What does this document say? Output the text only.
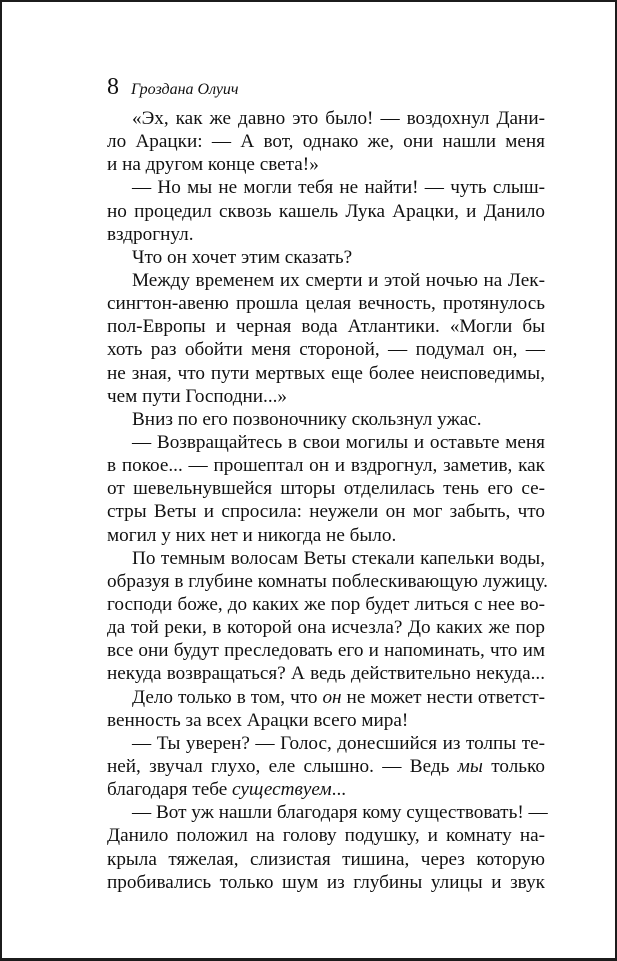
8 Гроздана Олуич
«Эх, как же давно это было! — воздохнул Дани-
ло Арацки: — А вот, однако же, они нашли меня
и на другом конце света!»
— Но мы не могли тебя не найти! — чуть слыш-
но процедил сквозь кашель Лука Арацки, и Данило
вздрогнул.
Что он хочет этим сказать?
Между временем их смерти и этой ночью на Лек-
сингтон-авеню прошла целая вечность, протянулось
пол-Европы и черная вода Атлантики. «Могли бы
хоть раз обойти меня стороной, — подумал он, —
не зная, что пути мертвых еще более неисповедимы,
чем пути Господни...»
Вниз по его позвоночнику скользнул ужас.
— Возвращайтесь в свои могилы и оставьте меня
в покое... — прошептал он и вздрогнул, заметив, как
от шевельнувшейся шторы отделилась тень его се-
стры Веты и спросила: неужели он мог забыть, что
могил у них нет и никогда не было.
По темным волосам Веты стекали капельки воды,
образуя в глубине комнаты поблескивающую лужицу.
господи боже, до каких же пор будет литься с нее во-
да той реки, в которой она исчезла? До каких же пор
все они будут преследовать его и напоминать, что им
некуда возвращаться? А ведь действительно некуда...
Дело только в том, что он не может нести ответст-
венность за всех Арацки всего мира!
— Ты уверен? — Голос, донесшийся из толпы те-
ней, звучал глухо, еле слышно. — Ведь мы только
благодаря тебе существуем...
— Вот уж нашли благодаря кому существовать! —
Данило положил на голову подушку, и комнату на-
крыла тяжелая, слизистая тишина, через которую
пробивались только шум из глубины улицы и звук
